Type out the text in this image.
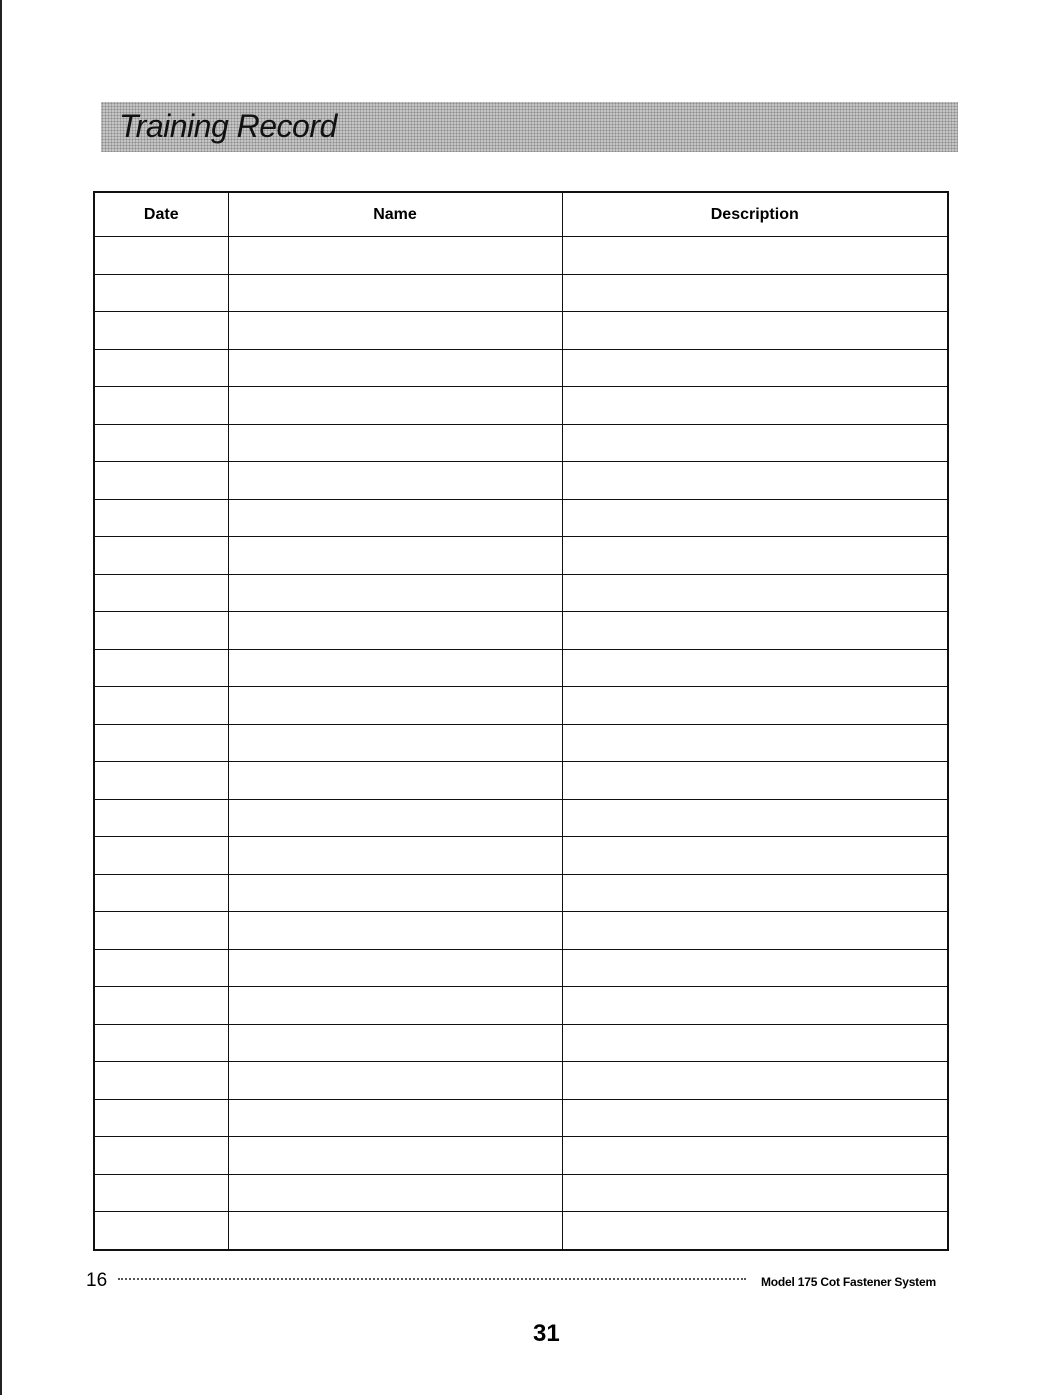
Training Record
Date	Name	Description

16	Model 175 Cot Fastener System
31
